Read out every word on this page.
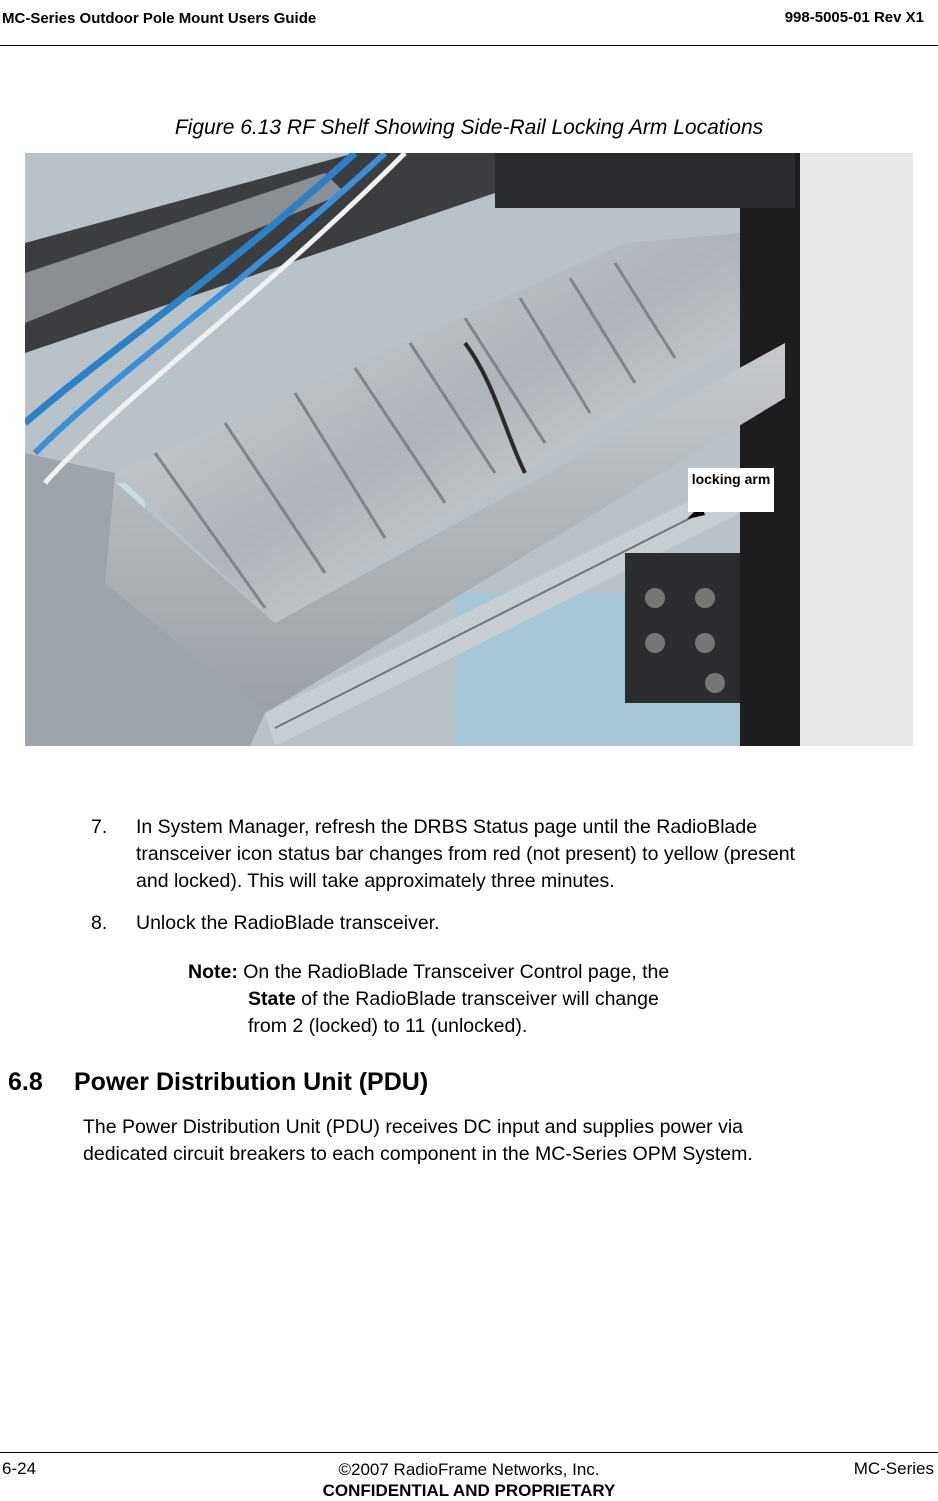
MC-Series Outdoor Pole Mount Users Guide	998-5005-01 Rev X1
Figure 6.13 RF Shelf Showing Side-Rail Locking Arm Locations
locking arm
7. In System Manager, refresh the DRBS Status page until the RadioBlade
transceiver icon status bar changes from red (not present) to yellow (present
and locked). This will take approximately three minutes.
8. Unlock the RadioBlade transceiver.
Note: On the RadioBlade Transceiver Control page, the
State of the RadioBlade transceiver will change
from 2 (locked) to 11 (unlocked).
6.8 Power Distribution Unit (PDU)
The Power Distribution Unit (PDU) receives DC input and supplies power via
dedicated circuit breakers to each component in the MC-Series OPM System.
6-24	©2007 RadioFrame Networks, Inc.
CONFIDENTIAL AND PROPRIETARY
MC-Series
